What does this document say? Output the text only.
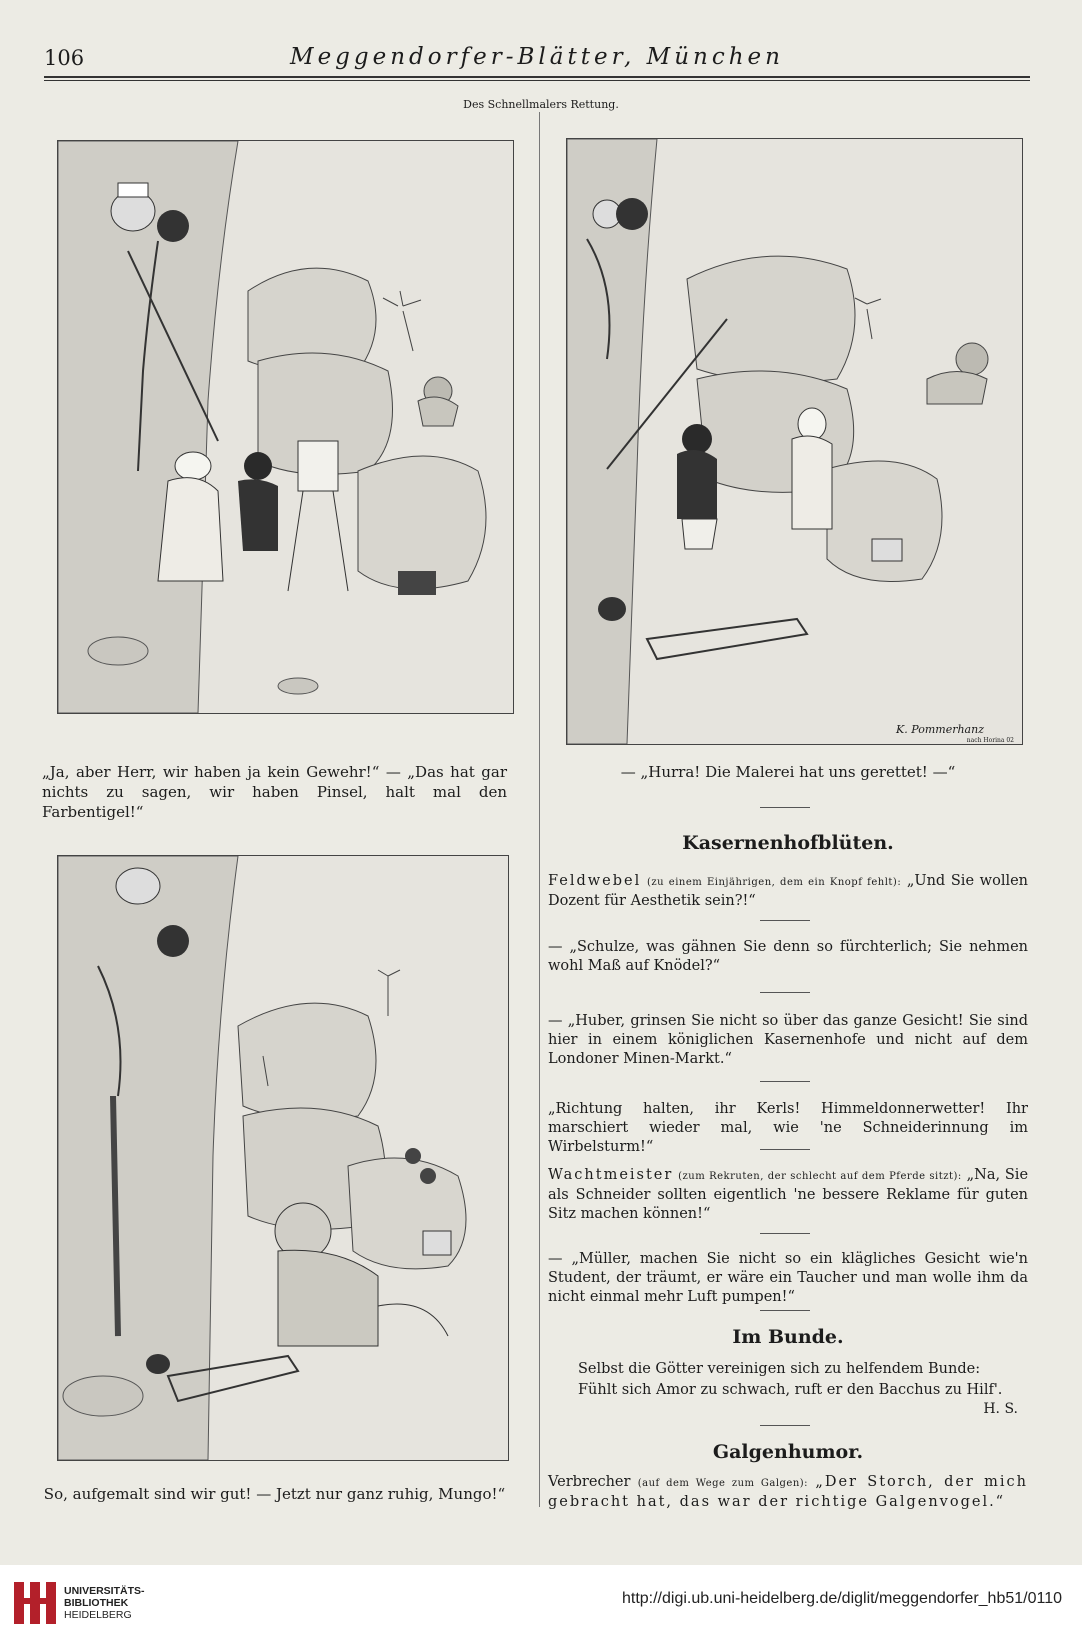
106	Meggendorfer-Blätter, München
Des Schnellmalers Rettung.
K. Pommerhanz
nach Horina 02
„Ja, aber Herr, wir haben ja kein Gewehr!“ — „Das hat gar nichts zu sagen, wir haben Pinsel, halt mal den Farbentigel!“
— „Hurra! Die Malerei hat uns gerettet! —“
So, aufgemalt sind wir gut! — Jetzt nur ganz ruhig, Mungo!“
Kasernenhofblüten.
Feldwebel (zu einem Einjährigen, dem ein Knopf fehlt): „Und Sie wollen Dozent für Aesthetik sein?!“
— „Schulze, was gähnen Sie denn so fürchterlich; Sie nehmen wohl Maß auf Knödel?“
— „Huber, grinsen Sie nicht so über das ganze Gesicht! Sie sind hier in einem königlichen Kasernenhofe und nicht auf dem Londoner Minen-Markt.“
„Richtung halten, ihr Kerls! Himmeldonnerwetter! Ihr marschiert wieder mal, wie 'ne Schneiderinnung im Wirbelsturm!“
Wachtmeister (zum Rekruten, der schlecht auf dem Pferde sitzt): „Na, Sie als Schneider sollten eigentlich 'ne bessere Reklame für guten Sitz machen können!“
— „Müller, machen Sie nicht so ein klägliches Gesicht wie'n Student, der träumt, er wäre ein Taucher und man wolle ihm da nicht einmal mehr Luft pumpen!“
Im Bunde.
Selbst die Götter vereinigen sich zu helfendem Bunde:
Fühlt sich Amor zu schwach, ruft er den Bacchus zu Hilf'.
H. S.
Galgenhumor.
Verbrecher (auf dem Wege zum Galgen): „Der Storch, der mich gebracht hat, das war der richtige Galgenvogel.“
UNIVERSITÄTS-
BIBLIOTHEK
HEIDELBERG
http://digi.ub.uni-heidelberg.de/diglit/meggendorfer_hb51/0110
